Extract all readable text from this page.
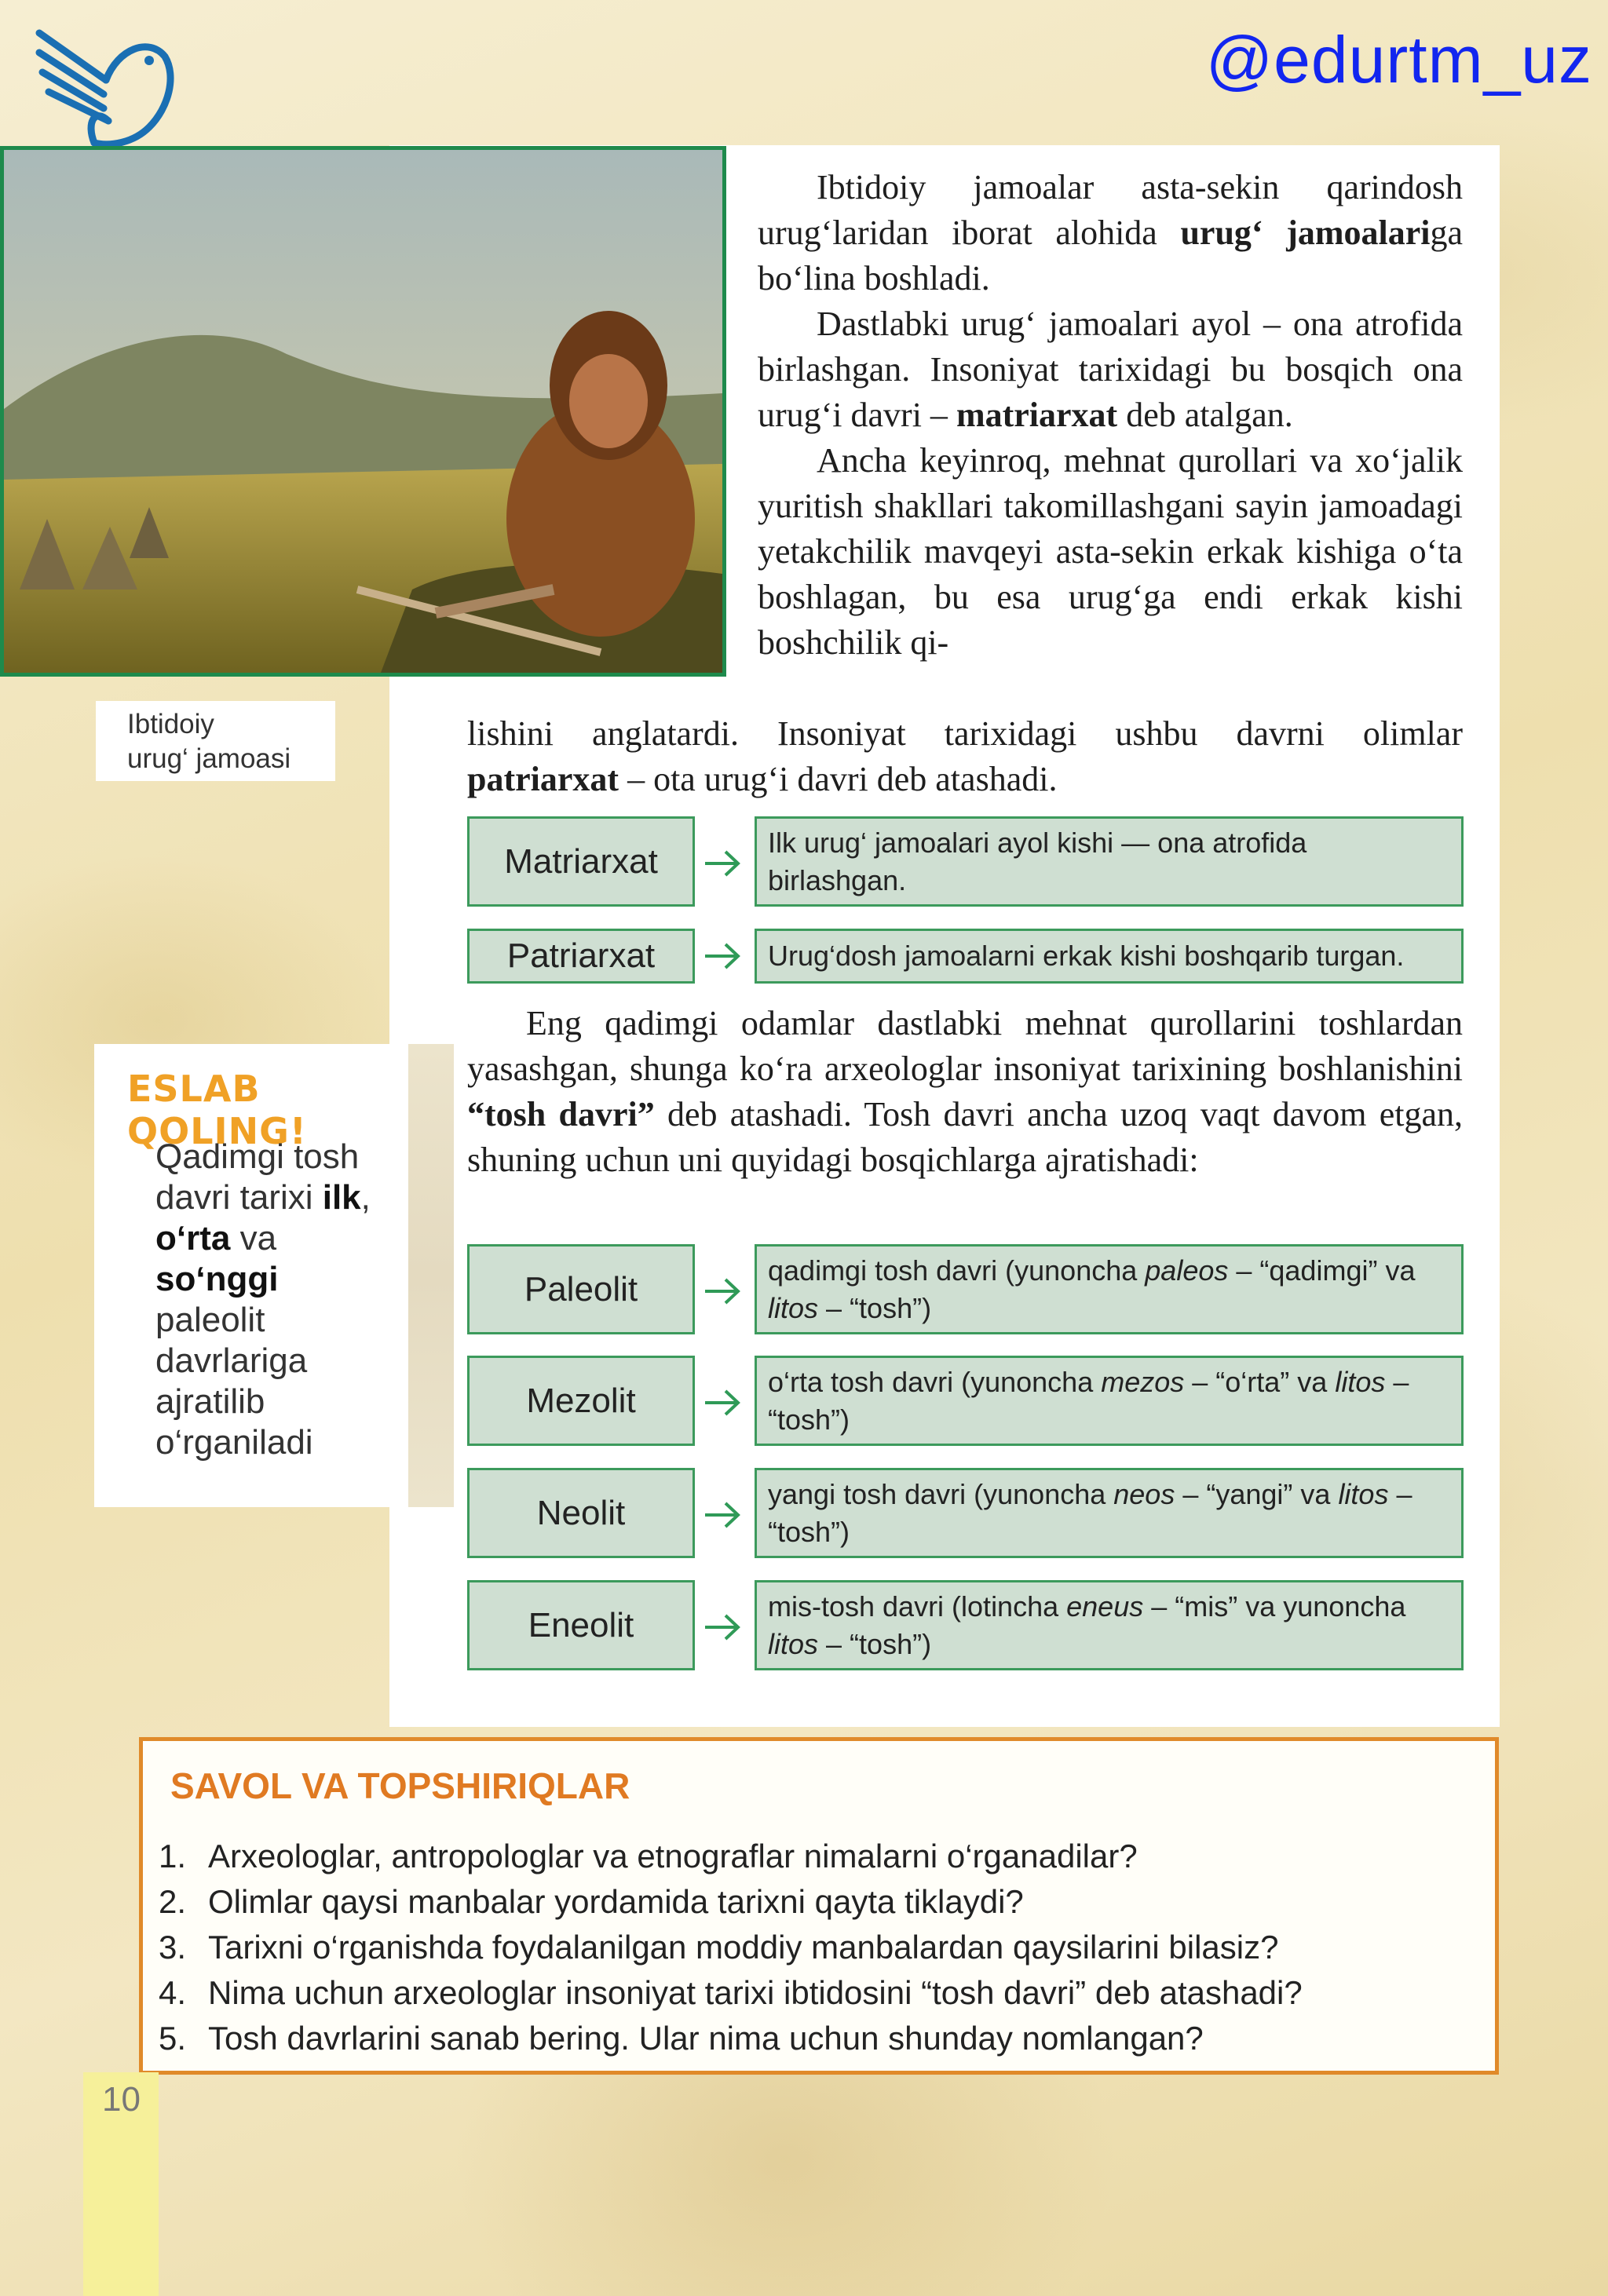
@edurtm_uz
Ibtidoiy
urug‘ jamoasi

Ibtidoiy jamoalar asta-sekin qarindosh urug‘laridan iborat alohida urug‘ jamoalariga bo‘lina boshladi.

Dastlabki urug‘ jamoalari ayol – ona atrofida birlashgan. Insoniyat tarixidagi bu bosqich ona urug‘i davri – matriarxat deb atalgan.

Ancha keyinroq, mehnat qurollari va xo‘jalik yuritish shakllari takomillashgani sayin jamoadagi yetakchilik mavqeyi asta-sekin erkak kishiga o‘ta boshlagan, bu esa urug‘ga endi erkak kishi boshchilik qi-

lishini anglatardi. Insoniyat tarixidagi ushbu davrni olimlar
patriarxat – ota urug‘i davri deb atashadi.
Matriarxat	Ilk urug‘ jamoalari ayol kishi — ona atrofida birlashgan.
Patriarxat	Urug‘dosh jamoalarni erkak kishi boshqarib turgan.

Eng qadimgi odamlar dastlabki mehnat qurollarini toshlardan yasashgan, shunga ko‘ra arxeologlar insoniyat tarixining boshlanishini “tosh davri” deb atashadi. Tosh davri ancha uzoq vaqt davom etgan, shuning uchun uni quyidagi bosqichlarga ajratishadi:

Paleolit	qadimgi tosh davri (yunoncha paleos – “qadimgi” va litos – “tosh”)
Mezolit	o‘rta tosh davri (yunoncha mezos – “o‘rta” va litos – “tosh”)
Neolit	yangi tosh davri (yunoncha neos – “yangi” va litos – “tosh”)
Eneolit	mis-tosh davri (lotincha eneus – “mis” va yunoncha litos – “tosh”)
ESLAB QOLING!
Qadimgi tosh davri tarixi ilk, o‘rta va so‘nggi paleolit davrlariga ajratilib o‘rganiladi
SAVOL VA TOPSHIRIQLAR
1. Arxeologlar, antropologlar va etnograflar nimalarni o‘rganadilar?
2. Olimlar qaysi manbalar yordamida tarixni qayta tiklaydi?
3. Tarixni o‘rganishda foydalanilgan moddiy manbalardan qaysilarini bilasiz?
4. Nima uchun arxeologlar insoniyat tarixi ibtidosini “tosh davri” deb atashadi?
5. Tosh davrlarini sanab bering. Ular nima uchun shunday nomlangan?
10
